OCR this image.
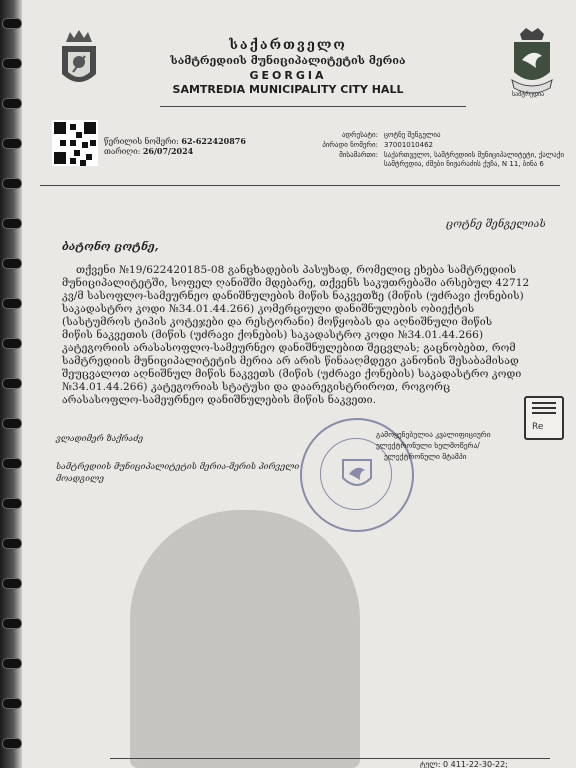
სამტრედია
საქართველო
სამტრედიის მუნიციპალიტეტის მერია
GEORGIA
SAMTREDIA MUNICIPALITY CITY HALL
წერილის ნომერი: 62-622420876
თარიღი: 26/07/2024
ადრესატი: ცოტნე შენგელია
პირადი ნომერი: 37001010462
მისამართი: საქართველო, სამტრედიის მუნიციპალიტეტი, ქალაქი
სამტრედია, ძმები ნიჟარაძის ქუჩა, N 11, ბინა 6
ცოტნე შენგელიას
ბატონო ცოტნე,
თქვენი №19/622420185-08 განცხადების პასუხად, რომელიც ეხება სამტრედიის
მუნიციპალიტეტში, სოფელ ღანიშში მდებარე, თქვენს საკუთრებაში არსებულ 42712
კვ/მ სასოფლო-სამეურნეო დანიშნულების მიწის ნაკვეთზე (მიწის (უძრავი ქონების)
საკადასტრო კოდი №34.01.44.266) კომერციული დანიშნულების ობიექტის
(სასტუმროს ტიპის კოტეჯები და რესტორანი) მოწყობას და აღნიშნული მიწის
მიწის ნაკვეთის (მიწის (უძრავი ქონების) საკადასტრო კოდი №34.01.44.266)
კატეგორიის არასასოფლო-სამეურნეო დანიშნულებით შეცვლას; გაცნობებთ, რომ
სამტრედიის მუნიციპალიტეტის მერია არ არის წინააღმდეგი კანონის შესაბამისად
შეუცვალოთ აღნიშნულ მიწის ნაკვეთს (მიწის (უძრავი ქონების) საკადასტრო კოდი
№34.01.44.266) კატეგორიას სტატუსი და დაარეგისტრიროთ, როგორც
არასასოფლო-სამეურნეო დანიშნულების მიწის ნაკვეთი.
ვლადიმერ ზაქრაძე
სამტრედიის მუნიციპალიტეტის მერია-მერის პირველი
მოადგილე
გამოყენებულია კვალიფიციური
ელექტრონული ხელმოწერა/
ელექტრონული შტამპი
Re
ტელ: 0 411-22-30-22;
